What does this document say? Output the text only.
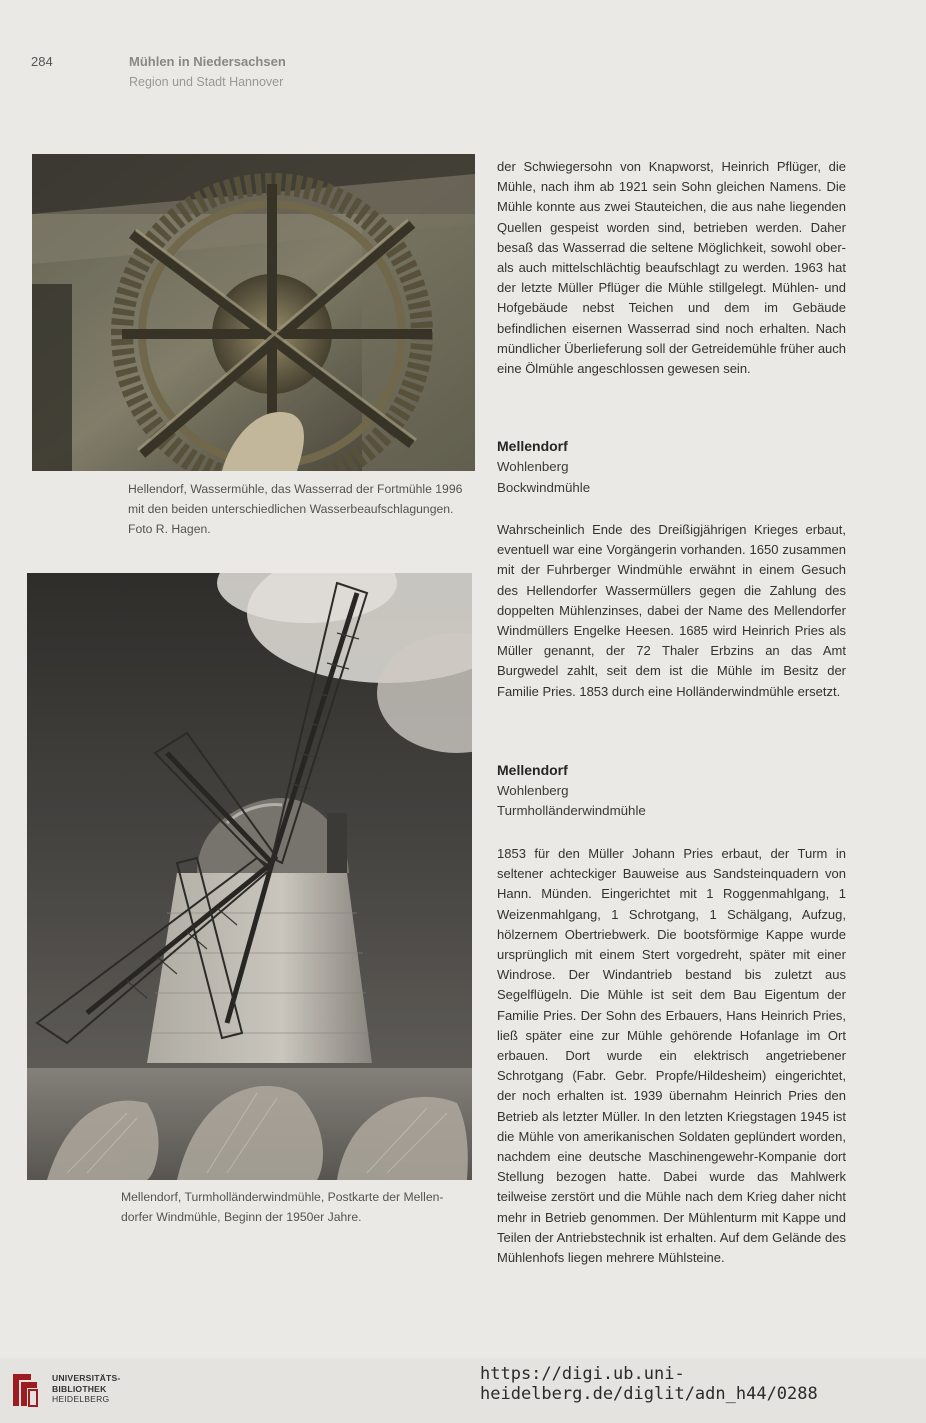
284	Mühlen in Niedersachsen
Region und Stadt Hannover
Hellendorf, Wassermühle, das Wasserrad der Fortmühle 1996
mit den beiden unterschiedlichen Wasserbeaufschlagungen.
Foto R. Hagen.
Mellendorf, Turmholländerwindmühle, Postkarte der Mellen-
dorfer Windmühle, Beginn der 1950er Jahre.

der Schwiegersohn von Knapworst, Heinrich Pflüger, die Mühle, nach ihm ab 1921 sein Sohn gleichen Namens. Die Mühle konnte aus zwei Stauteichen, die aus nahe liegenden Quellen gespeist worden sind, betrieben werden. Daher besaß das Wasserrad die seltene Möglichkeit, sowohl ober- als auch mittelschlächtig beaufschlagt zu werden. 1963 hat der letzte Müller Pflüger die Mühle stillgelegt. Mühlen- und Hofgebäude nebst Teichen und dem im Gebäude befindlichen eisernen Wasserrad sind noch erhalten. Nach mündlicher Überlieferung soll der Getreidemühle früher auch eine Ölmühle angeschlossen gewesen sein.

Mellendorf
Wohlenberg
Bockwindmühle

Wahrscheinlich Ende des Dreißigjährigen Krieges erbaut, eventuell war eine Vorgängerin vorhanden. 1650 zusammen mit der Fuhrberger Windmühle erwähnt in einem Gesuch des Hellendorfer Wassermüllers gegen die Zahlung des doppelten Mühlenzinses, dabei der Name des Mellendorfer Windmüllers Engelke Heesen. 1685 wird Heinrich Pries als Müller genannt, der 72 Thaler Erbzins an das Amt Burgwedel zahlt, seit dem ist die Mühle im Besitz der Familie Pries. 1853 durch eine Holländerwindmühle ersetzt.

Mellendorf
Wohlenberg
Turmholländerwindmühle

1853 für den Müller Johann Pries erbaut, der Turm in seltener achteckiger Bauweise aus Sandsteinquadern von Hann. Münden. Eingerichtet mit 1 Roggenmahlgang, 1 Weizenmahlgang, 1 Schrotgang, 1 Schälgang, Aufzug, hölzernem Obertriebwerk. Die bootsförmige Kappe wurde ursprünglich mit einem Stert vorgedreht, später mit einer Windrose. Der Windantrieb bestand bis zuletzt aus Segelflügeln. Die Mühle ist seit dem Bau Eigentum der Familie Pries. Der Sohn des Erbauers, Hans Heinrich Pries, ließ später eine zur Mühle gehörende Hofanlage im Ort erbauen. Dort wurde ein elektrisch angetriebener Schrotgang (Fabr. Gebr. Propfe/Hildesheim) eingerichtet, der noch erhalten ist. 1939 übernahm Heinrich Pries den Betrieb als letzter Müller. In den letzten Kriegstagen 1945 ist die Mühle von amerikanischen Soldaten geplündert worden, nachdem eine deutsche Maschinengewehr-Kompanie dort Stellung bezogen hatte. Dabei wurde das Mahlwerk teilweise zerstört und die Mühle nach dem Krieg daher nicht mehr in Betrieb genommen. Der Mühlenturm mit Kappe und Teilen der Antriebstechnik ist erhalten. Auf dem Gelände des Mühlenhofs liegen mehrere Mühlsteine.

UNIVERSITÄTS-
BIBLIOTHEK
HEIDELBERG
https://digi.ub.uni-heidelberg.de/diglit/adn_h44/0288
